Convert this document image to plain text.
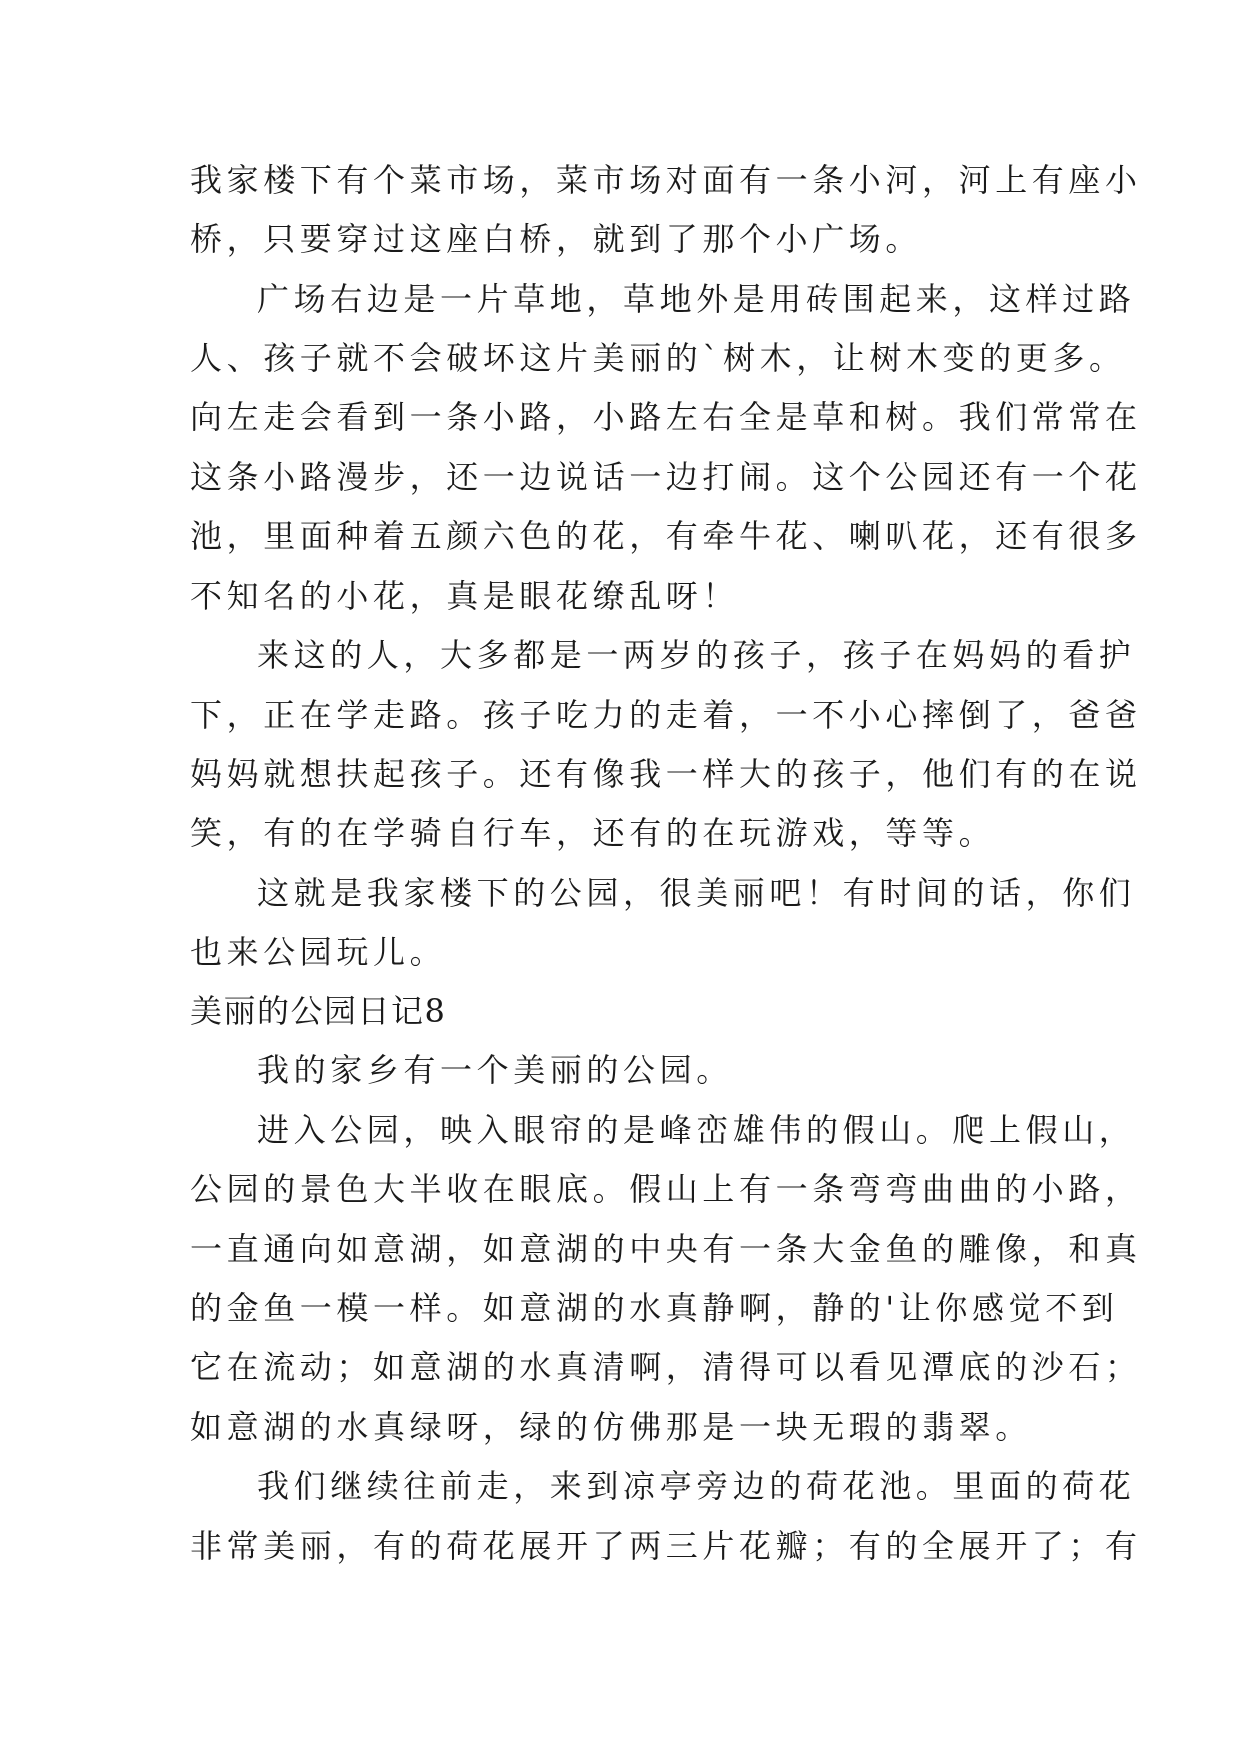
我家楼下有个菜市场，菜市场对面有一条小河，河上有座小
桥，只要穿过这座白桥，就到了那个小广场。
广场右边是一片草地，草地外是用砖围起来，这样过路
人、孩子就不会破坏这片美丽的`树木，让树木变的更多。
向左走会看到一条小路，小路左右全是草和树。我们常常在
这条小路漫步，还一边说话一边打闹。这个公园还有一个花
池，里面种着五颜六色的花，有牵牛花、喇叭花，还有很多
不知名的小花，真是眼花缭乱呀！
来这的人，大多都是一两岁的孩子，孩子在妈妈的看护
下，正在学走路。孩子吃力的走着，一不小心摔倒了，爸爸
妈妈就想扶起孩子。还有像我一样大的孩子，他们有的在说
笑，有的在学骑自行车，还有的在玩游戏，等等。
这就是我家楼下的公园，很美丽吧！有时间的话，你们
也来公园玩儿。
美丽的公园日记8
我的家乡有一个美丽的公园。
进入公园，映入眼帘的是峰峦雄伟的假山。爬上假山，
公园的景色大半收在眼底。假山上有一条弯弯曲曲的小路，
一直通向如意湖，如意湖的中央有一条大金鱼的雕像，和真
的金鱼一模一样。如意湖的水真静啊，静的'让你感觉不到
它在流动；如意湖的水真清啊，清得可以看见潭底的沙石；
如意湖的水真绿呀，绿的仿佛那是一块无瑕的翡翠。
我们继续往前走，来到凉亭旁边的荷花池。里面的荷花
非常美丽，有的荷花展开了两三片花瓣；有的全展开了；有
